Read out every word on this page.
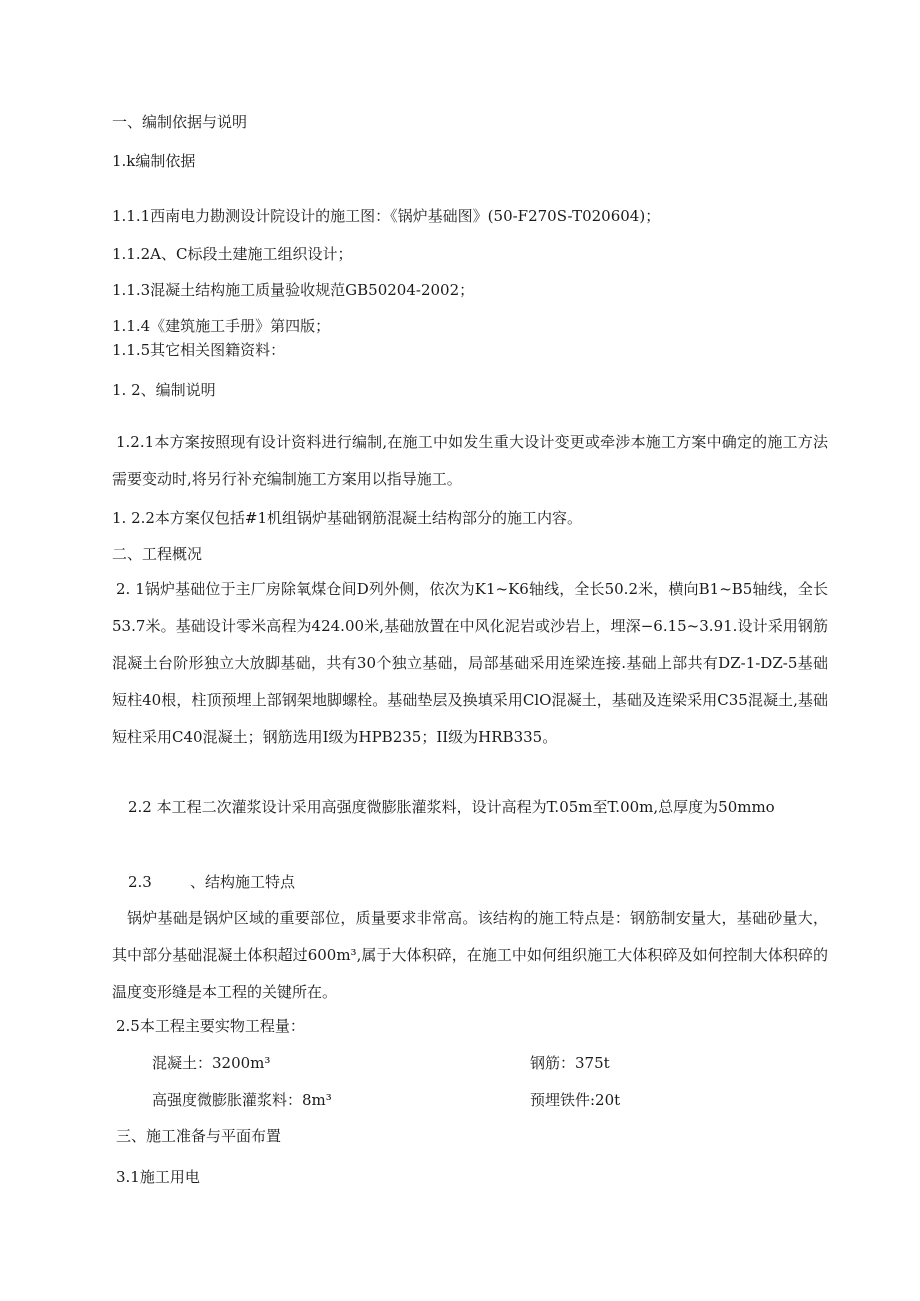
一、编制依据与说明
1.k编制依据
1.1.1西南电力勘测设计院设计的施工图：《锅炉基础图》(50-F270S-T020604)；
1.1.2A、C标段土建施工组织设计；
1.1.3混凝土结构施工质量验收规范GB50204-2002；
1.1.4《建筑施工手册》第四版；
1.1.5其它相关图籍资料：
1. 2、编制说明
1.2.1本方案按照现有设计资料进行编制,在施工中如发生重大设计变更或牵涉本施工方案中确定的施工方法需要变动时,将另行补充编制施工方案用以指导施工。
1. 2.2本方案仅包括#1机组锅炉基础钢筋混凝土结构部分的施工内容。
二、工程概况
2. 1锅炉基础位于主厂房除氧煤仓间D列外侧，依次为K1~K6轴线，全长50.2米，横向B1~B5轴线，全长53.7米。基础设计零米高程为424.00米,基础放置在中风化泥岩或沙岩上，埋深−6.15~3.91.设计采用钢筋混凝土台阶形独立大放脚基础，共有30个独立基础，局部基础采用连梁连接.基础上部共有DZ-1-DZ-5基础短柱40根，柱顶预埋上部钢架地脚螺栓。基础垫层及换填采用ClO混凝土，基础及连梁采用C35混凝土,基础短柱采用C40混凝土；钢筋选用I级为HPB235；II级为HRB335。
2.2 本工程二次灌浆设计采用高强度微膨胀灌浆料，设计高程为T.05m至T.00m,总厚度为50mmo
2.3	、结构施工特点
锅炉基础是锅炉区域的重要部位，质量要求非常高。该结构的施工特点是：钢筋制安量大，基础砂量大，其中部分基础混凝土体积超过600m³,属于大体积碎，在施工中如何组织施工大体积碎及如何控制大体积碎的温度变形缝是本工程的关键所在。
2.5本工程主要实物工程量：
混凝土：3200m³	钢筋：375t
高强度微膨胀灌浆料：8m³	预埋铁件:20t
三、施工准备与平面布置
3.1施工用电
